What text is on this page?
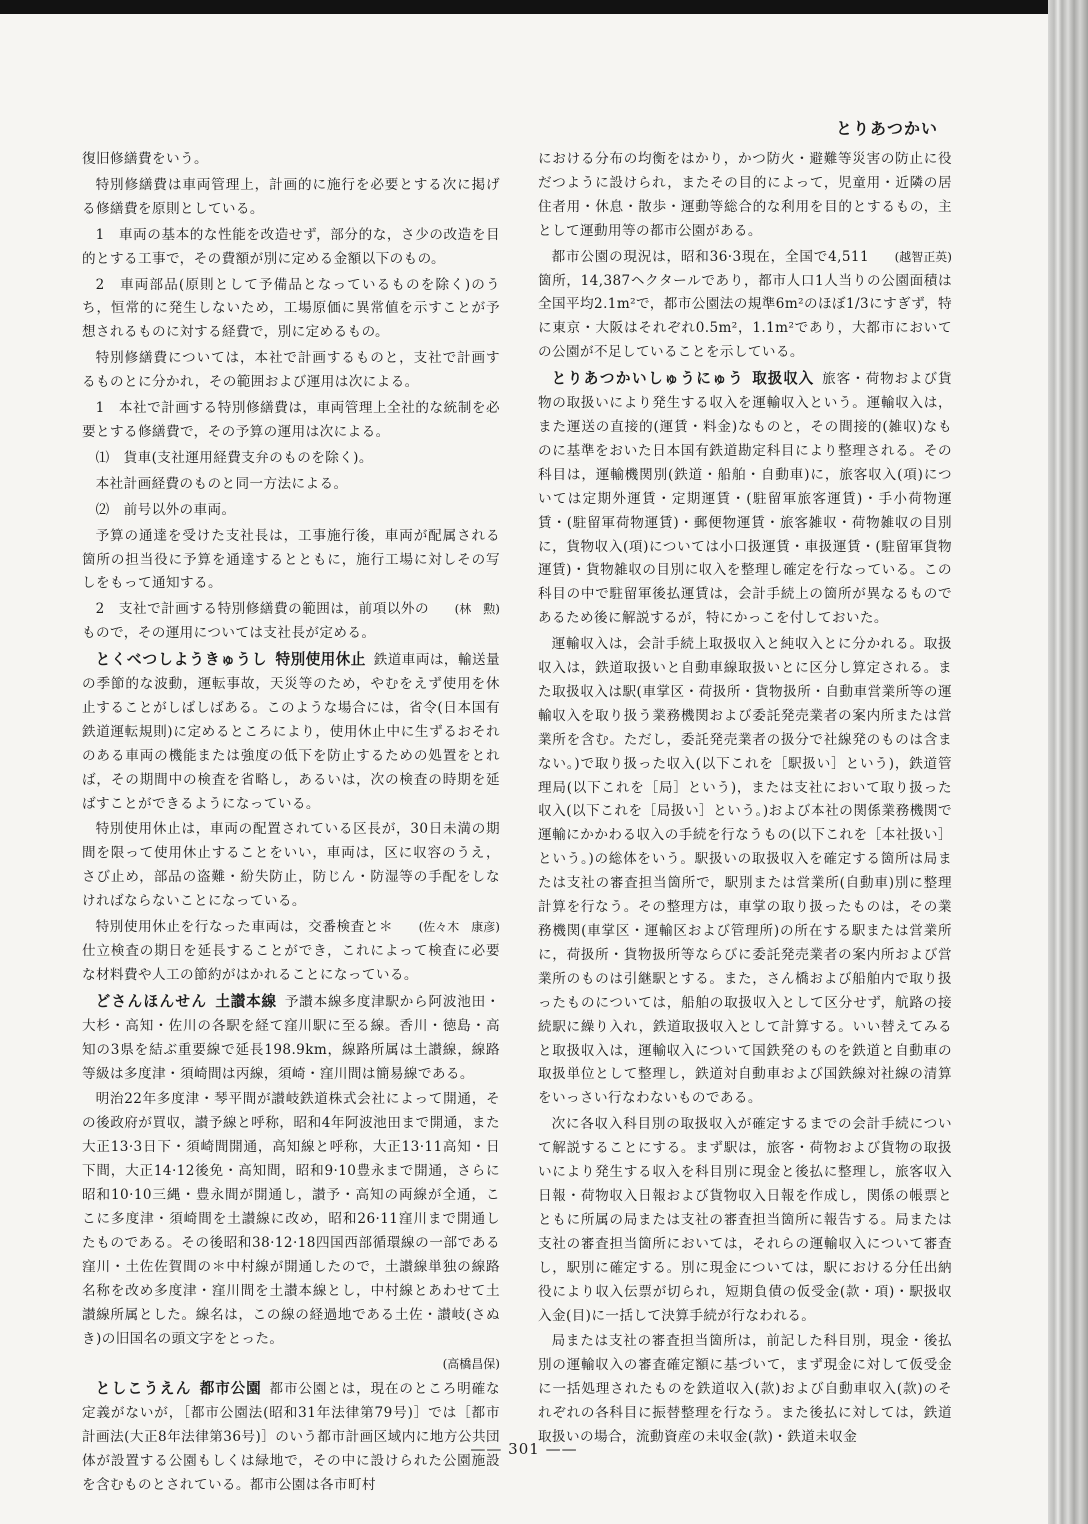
とりあつかい

復旧修繕費をいう。

特別修繕費は車両管理上，計画的に施行を必要とする次に掲げる修繕費を原則としている。

1　車両の基本的な性能を改造せず，部分的な，さ少の改造を目的とする工事で，その費額が別に定める金額以下のもの。

2　車両部品(原則として予備品となっているものを除く)のうち，恒常的に発生しないため，工場原価に異常値を示すことが予想されるものに対する経費で，別に定めるもの。

特別修繕費については，本社で計画するものと，支社で計画するものとに分かれ，その範囲および運用は次による。

1　本社で計画する特別修繕費は，車両管理上全社的な統制を必要とする修繕費で，その予算の運用は次による。

⑴　貨車(支社運用経費支弁のものを除く)。

本社計画経費のものと同一方法による。

⑵　前号以外の車両。

予算の通達を受けた支社長は，工事施行後，車両が配属される箇所の担当役に予算を通達するとともに，施行工場に対しその写しをもって通知する。

(林　勲)
2　支社で計画する特別修繕費の範囲は，前項以外のもので，その運用については支社長が定める。

とくべつしようきゅうし 特別使用休止 鉄道車両は，輸送量の季節的な波動，運転事故，天災等のため，やむをえず使用を休止することがしばしばある。このような場合には，省令(日本国有鉄道運転規則)に定めるところにより，使用休止中に生ずるおそれのある車両の機能または強度の低下を防止するための処置をとれば，その期間中の検査を省略し，あるいは，次の検査の時期を延ばすことができるようになっている。

特別使用休止は，車両の配置されている区長が，30日未満の期間を限って使用休止することをいい，車両は，区に収容のうえ，さび止め，部品の盗難・紛失防止，防じん・防湿等の手配をしなければならないことになっている。

(佐々木　康彦)
特別使用休止を行なった車両は，交番検査と＊仕立検査の期日を延長することができ，これによって検査に必要な材料費や人工の節約がはかれることになっている。

どさんほんせん 土讃本線 予讃本線多度津駅から阿波池田・大杉・高知・佐川の各駅を経て窪川駅に至る線。香川・徳島・高知の3県を結ぶ重要線で延長198.9km，線路所属は土讃線，線路等級は多度津・須崎間は丙線，須崎・窪川間は簡易線である。

明治22年多度津・琴平間が讃岐鉄道株式会社によって開通，その後政府が買収，讃予線と呼称，昭和4年阿波池田まで開通，また大正13·3日下・須崎間開通，高知線と呼称，大正13·11高知・日下間，大正14·12後免・高知間，昭和9·10豊永まで開通，さらに昭和10·10三縄・豊永間が開通し，讃予・高知の両線が全通，ここに多度津・須崎間を土讃線に改め，昭和26·11窪川まで開通したものである。その後昭和38·12·18四国西部循環線の一部である窪川・土佐佐賀間の＊中村線が開通したので，土讃線単独の線路名称を改め多度津・窪川間を土讃本線とし，中村線とあわせて土讃線所属とした。線名は，この線の経過地である土佐・讃岐(さぬき)の旧国名の頭文字をとった。

(高橋昌保)

としこうえん 都市公園 都市公園とは，現在のところ明確な定義がないが，［都市公園法(昭和31年法律第79号)］では［都市計画法(大正8年法律第36号)］のいう都市計画区域内に地方公共団体が設置する公園もしくは緑地で，その中に設けられた公園施設を含むものとされている。都市公園は各市町村

における分布の均衡をはかり，かつ防火・避難等災害の防止に役だつように設けられ，またその目的によって，児童用・近隣の居住者用・休息・散歩・運動等総合的な利用を目的とするもの，主として運動用等の都市公園がある。

(越智正英)
都市公園の現況は，昭和36·3現在，全国で4,511箇所，14,387ヘクタールであり，都市人口1人当りの公園面積は全国平均2.1m²で，都市公園法の規準6m²のほぼ1/3にすぎず，特に東京・大阪はそれぞれ0.5m²，1.1m²であり，大都市においての公園が不足していることを示している。

とりあつかいしゅうにゅう 取扱収入 旅客・荷物および貨物の取扱いにより発生する収入を運輸収入という。運輸収入は，また運送の直接的(運賃・料金)なものと，その間接的(雑収)なものに基準をおいた日本国有鉄道勘定科目により整理される。その科目は，運輸機関別(鉄道・船舶・自動車)に，旅客収入(項)については定期外運賃・定期運賃・(駐留軍旅客運賃)・手小荷物運賃・(駐留軍荷物運賃)・郵便物運賃・旅客雑収・荷物雑収の目別に，貨物収入(項)については小口扱運賃・車扱運賃・(駐留軍貨物運賃)・貨物雑収の目別に収入を整理し確定を行なっている。この科目の中で駐留軍後払運賃は，会計手続上の箇所が異なるものであるため後に解説するが，特にかっこを付しておいた。

運輸収入は，会計手続上取扱収入と純収入とに分かれる。取扱収入は，鉄道取扱いと自動車線取扱いとに区分し算定される。また取扱収入は駅(車掌区・荷扱所・貨物扱所・自動車営業所等の運輸収入を取り扱う業務機関および委託発売業者の案内所または営業所を含む。ただし，委託発売業者の扱分で社線発のものは含まない。)で取り扱った収入(以下これを［駅扱い］という)，鉄道管理局(以下これを［局］という)，または支社において取り扱った収入(以下これを［局扱い］という。)および本社の関係業務機関で運輸にかかわる収入の手続を行なうもの(以下これを［本社扱い］という。)の総体をいう。駅扱いの取扱収入を確定する箇所は局または支社の審査担当箇所で，駅別または営業所(自動車)別に整理計算を行なう。その整理方は，車掌の取り扱ったものは，その業務機関(車掌区・運輸区および管理所)の所在する駅または営業所に，荷扱所・貨物扱所等ならびに委託発売業者の案内所および営業所のものは引継駅とする。また，さん橋および船舶内で取り扱ったものについては，船舶の取扱収入として区分せず，航路の接続駅に繰り入れ，鉄道取扱収入として計算する。いい替えてみると取扱収入は，運輸収入について国鉄発のものを鉄道と自動車の取扱単位として整理し，鉄道対自動車および国鉄線対社線の清算をいっさい行なわないものである。

次に各収入科目別の取扱収入が確定するまでの会計手続について解説することにする。まず駅は，旅客・荷物および貨物の取扱いにより発生する収入を科目別に現金と後払に整理し，旅客収入日報・荷物収入日報および貨物収入日報を作成し，関係の帳票とともに所属の局または支社の審査担当箇所に報告する。局または支社の審査担当箇所においては，それらの運輸収入について審査し，駅別に確定する。別に現金については，駅における分任出納役により収入伝票が切られ，短期負債の仮受金(款・項)・駅扱収入金(目)に一括して決算手続が行なわれる。

局または支社の審査担当箇所は，前記した科目別，現金・後払別の運輸収入の審査確定額に基づいて，まず現金に対して仮受金に一括処理されたものを鉄道収入(款)および自動車収入(款)のそれぞれの各科目に振替整理を行なう。また後払に対しては，鉄道取扱いの場合，流動資産の未収金(款)・鉄道未収金

—— 301 ——
